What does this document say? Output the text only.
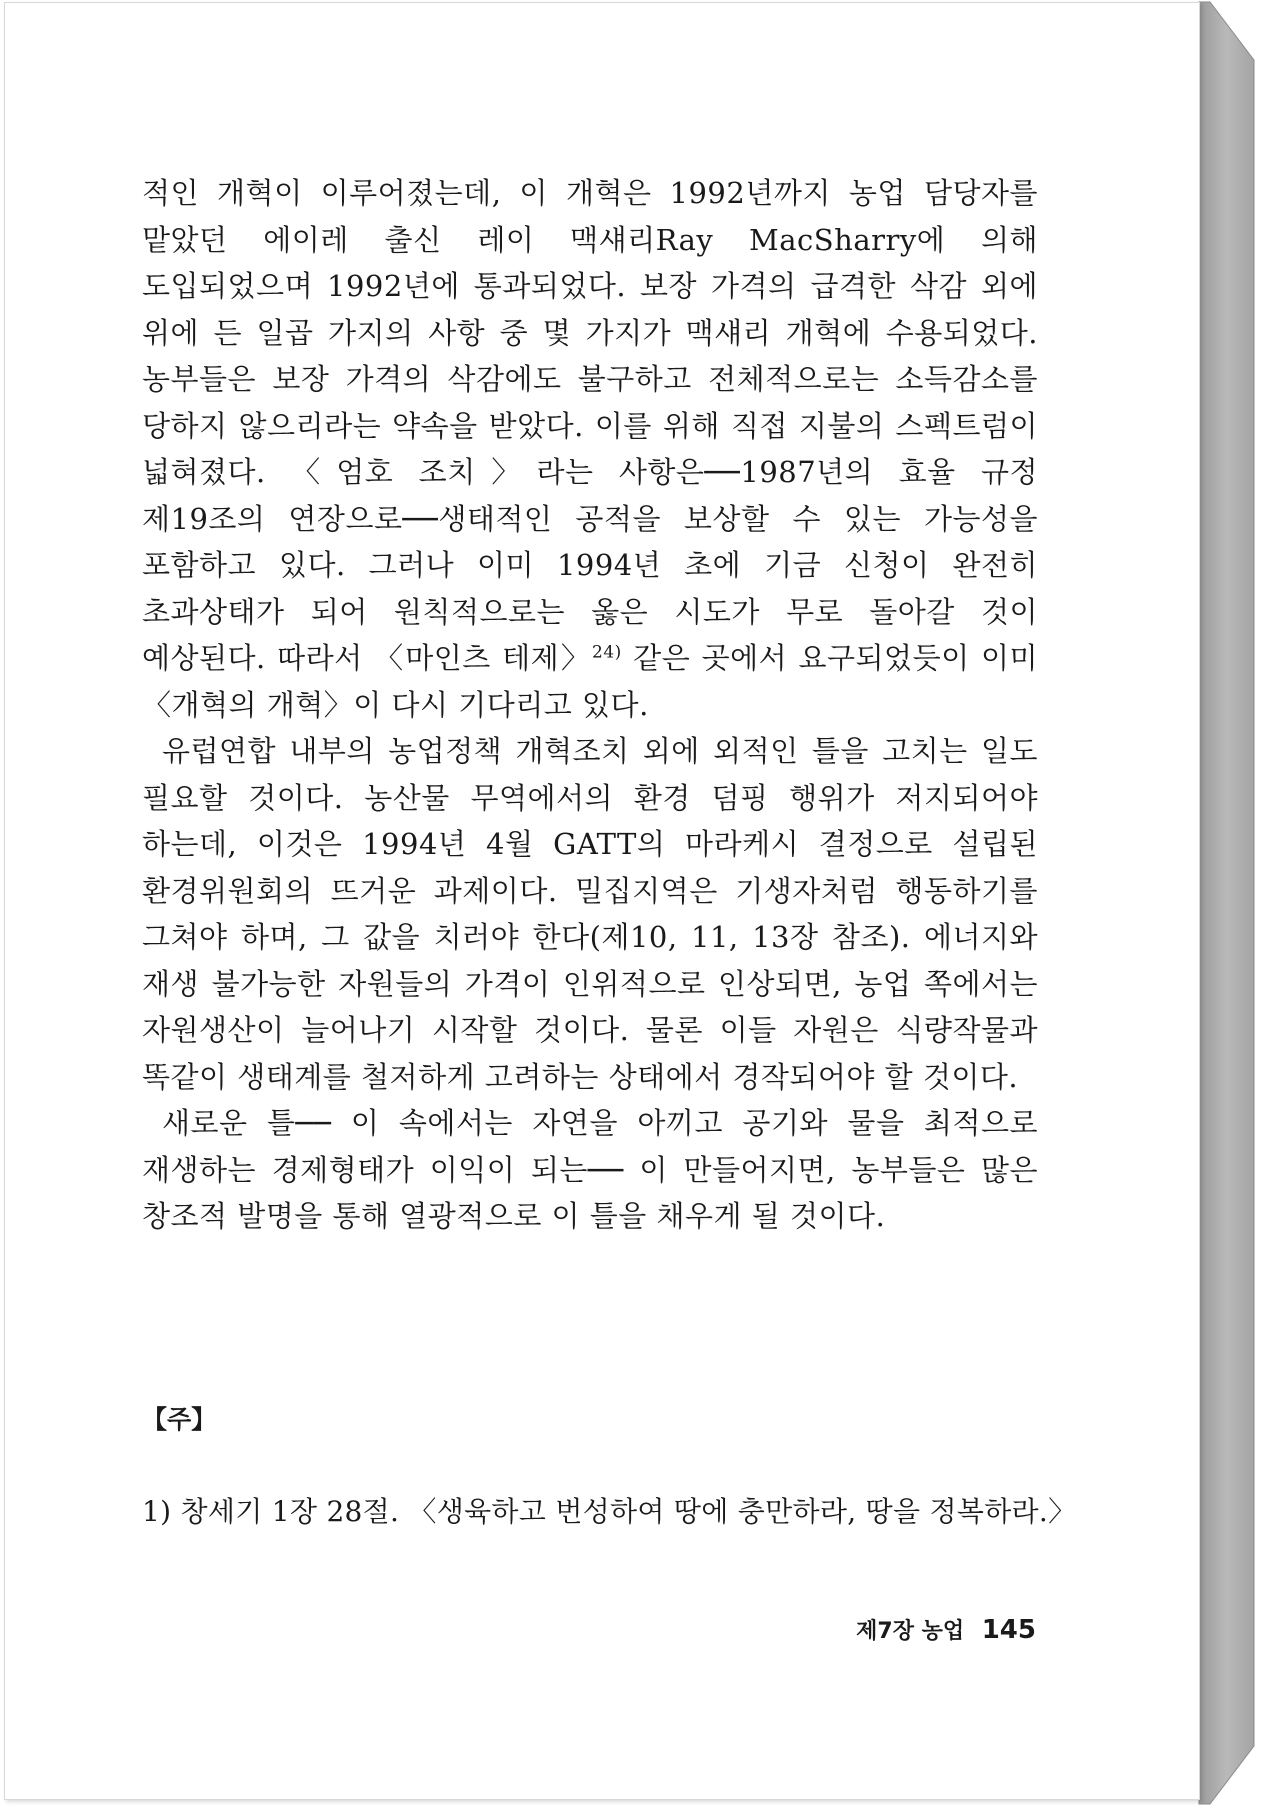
적인 개혁이 이루어졌는데, 이 개혁은 1992년까지 농업 담당자를 맡았던 에이레 출신 레이 맥섀리Ray MacSharry에 의해 도입되었으며 1992년에 통과되었다. 보장 가격의 급격한 삭감 외에 위에 든 일곱 가지의 사항 중 몇 가지가 맥섀리 개혁에 수용되었다. 농부들은 보장 가격의 삭감에도 불구하고 전체적으로는 소득감소를 당하지 않으리라는 약속을 받았다. 이를 위해 직접 지불의 스펙트럼이 넓혀졌다. 〈엄호 조치〉라는 사항은──1987년의 효율 규정 제19조의 연장으로──생태적인 공적을 보상할 수 있는 가능성을 포함하고 있다. 그러나 이미 1994년 초에 기금 신청이 완전히 초과상태가 되어 원칙적으로는 옳은 시도가 무로 돌아갈 것이 예상된다. 따라서 〈마인츠 테제〉$^{24)}$ 같은 곳에서 요구되었듯이 이미 〈개혁의 개혁〉이 다시 기다리고 있다.

유럽연합 내부의 농업정책 개혁조치 외에 외적인 틀을 고치는 일도 필요할 것이다. 농산물 무역에서의 환경 덤핑 행위가 저지되어야 하는데, 이것은 1994년 4월 GATT의 마라케시 결정으로 설립된 환경위원회의 뜨거운 과제이다. 밀집지역은 기생자처럼 행동하기를 그쳐야 하며, 그 값을 치러야 한다(제10, 11, 13장 참조). 에너지와 재생 불가능한 자원들의 가격이 인위적으로 인상되면, 농업 쪽에서는 자원생산이 늘어나기 시작할 것이다. 물론 이들 자원은 식량작물과 똑같이 생태계를 철저하게 고려하는 상태에서 경작되어야 할 것이다.

새로운 틀── 이 속에서는 자연을 아끼고 공기와 물을 최적으로 재생하는 경제형태가 이익이 되는── 이 만들어지면, 농부들은 많은 창조적 발명을 통해 열광적으로 이 틀을 채우게 될 것이다.

【주】
1) 창세기 1장 28절. 〈생육하고 번성하여 땅에 충만하라, 땅을 정복하라.〉
제7장 농업 145
